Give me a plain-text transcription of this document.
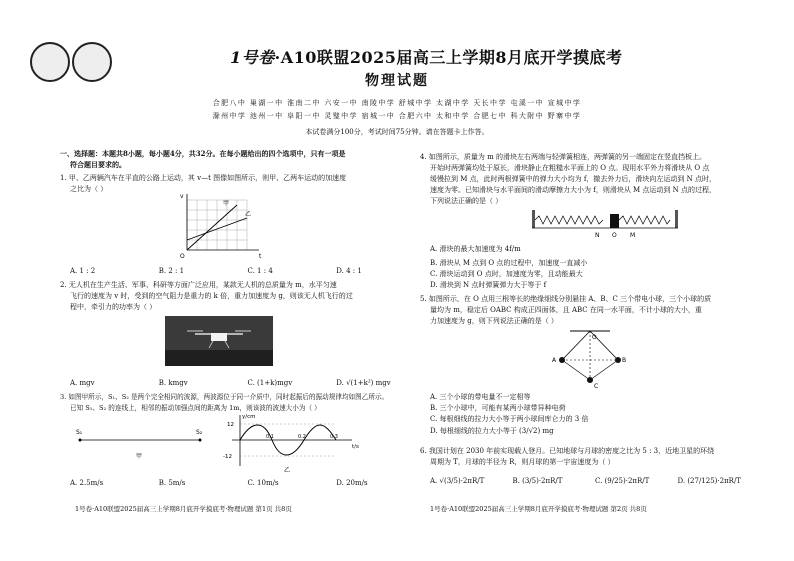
1号卷·A10联盟2025届高三上学期8月底开学摸底考
物理试题
合肥八中 巢湖一中 淮南二中 六安一中 南陵中学 舒城中学 太湖中学 天长中学 屯溪一中 宣城中学
滁州中学 池州一中 阜阳一中 灵璧中学 宿城一中 合肥六中 太和中学 合肥七中 科大附中 野寨中学
本试卷满分100分，考试时间75分钟。请在答题卡上作答。
一、选择题：本题共8小题，每小题4分，共32分。在每小题给出的四个选项中，只有一项是
符合题目要求的。
1. 甲、乙两辆汽车在平直的公路上运动，其 v—t 图像如图所示，则甲、乙两车运动的加速度
之比为（ ）
v
t
O
甲
乙
A. 1 : 2	B. 2 : 1	C. 1 : 4	D. 4 : 1
2. 无人机在生产生活、军事、科研等方面广泛应用，某款无人机的总质量为 m，水平匀速
飞行的速度为 v 时，受到的空气阻力是重力的 k 倍，重力加速度为 g，则该无人机飞行的过
程中，牵引力的功率为（ ）
A. mgv	B. kmgv	C. (1+k)mgv	D. √(1+k²) mgv
3. 如图甲所示，S₁、S₂ 是两个完全相同的波源，两波源位于同一介质中，同时起振后的振动规律均如图乙所示。
已知 S₁、S₂ 的连线上，相邻的振动加强点间的距离为 1m，则该波的波速大小为（ ）
S₁	S₂
甲
y/cm
t/s
12
-12
0.1	0.2	0.3
乙
A. 2.5m/s	B. 5m/s	C. 10m/s	D. 20m/s
4. 如图所示，质量为 m 的滑块左右两端与轻弹簧相连，两弹簧的另一端固定在竖直挡板上。
开始时两弹簧均处于原长，滑块静止在粗糙水平面上的 O 点。现用水平外力将滑块从 O 点
缓慢拉到 M 点，此时两根弹簧中的弹力大小均为 f，撤去外力后，滑块向左运动到 N 点时，
速度为零。已知滑块与水平面间的滑动摩擦力大小为 f，则滑块从 M 点运动到 N 点的过程，
下列说法正确的是（ ）
N O M
A. 滑块的最大加速度为 4f/m
B. 滑块从 M 点到 O 点的过程中，加速度一直减小
C. 滑块运动到 O 点时，加速度为零，且动能最大
D. 滑块到 N 点时弹簧弹力大于等于 f
5. 如图所示，在 O 点用三根等长的绝缘细线分别悬挂 A、B、C 三个带电小球，三个小球的质
量均为 m，稳定后 OABC 构成正四面体，且 ABC 在同一水平面，不计小球的大小，重
力加速度为 g，则下列说法正确的是（ ）
O
A	B
C
A. 三个小球的带电量不一定相等
B. 三个小球中，可能有某两小球带异种电荷
C. 每根细线的拉力大小等于两小球间库仑力的 3 倍
D. 每根细线的拉力大小等于 (3/√2) mg
6. 我国计划在 2030 年前实现载人登月。已知地球与月球的密度之比为 5 : 3，近地卫星的环绕
周期为 T，月球的半径为 R，则月球的第一宇宙速度为（ ）
A. √(3/5)·2πR/T	B. (3/5)·2πR/T	C. (9/25)·2πR/T	D. (27/125)·2πR/T
1号卷·A10联盟2025届高三上学期8月底开学摸底考·物理试题 第1页 共8页	1号卷·A10联盟2025届高三上学期8月底开学摸底考·物理试题 第2页 共8页
